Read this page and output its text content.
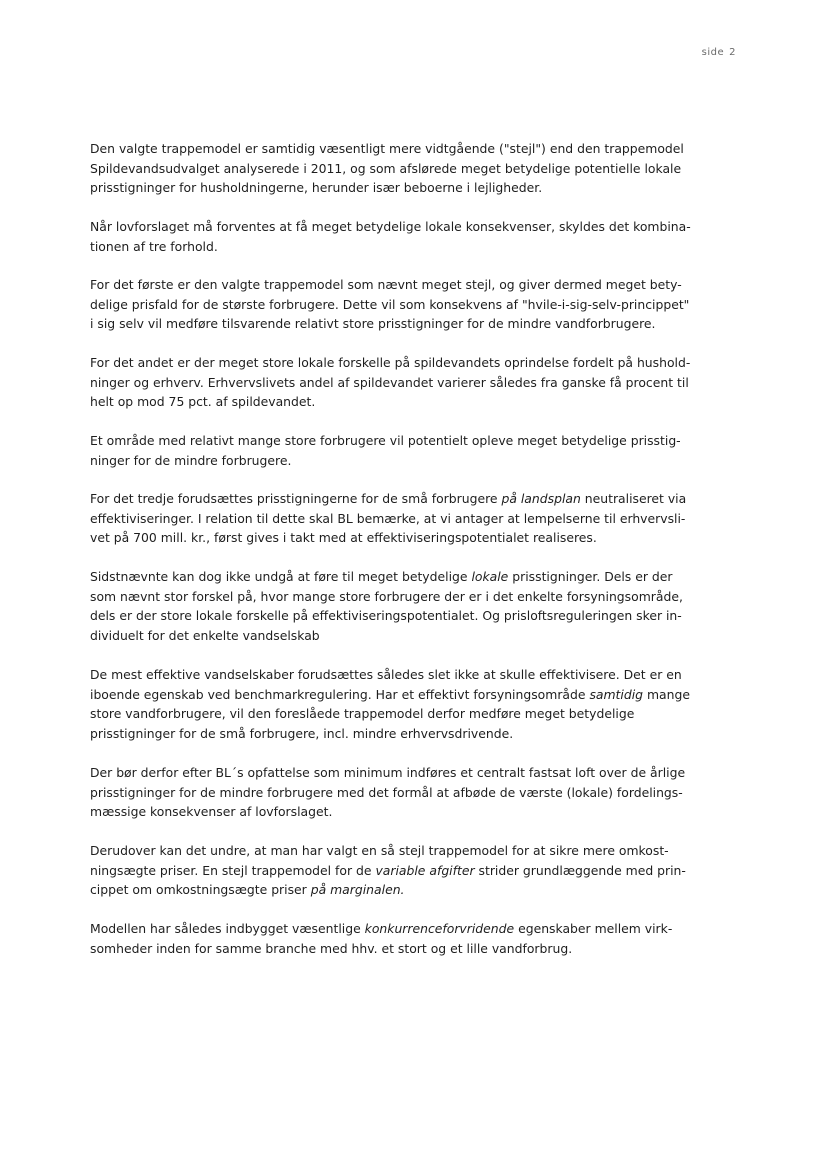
side 2

Den valgte trappemodel er samtidig væsentligt mere vidtgående ("stejl") end den trappemodel
Spildevandsudvalget analyserede i 2011, og som afslørede meget betydelige potentielle lokale
prisstigninger for husholdningerne, herunder især beboerne i lejligheder.

Når lovforslaget må forventes at få meget betydelige lokale konsekvenser, skyldes det kombina-
tionen af tre forhold.

For det første er den valgte trappemodel som nævnt meget stejl, og giver dermed meget bety-
delige prisfald for de største forbrugere. Dette vil som konsekvens af "hvile-i-sig-selv-princippet"
i sig selv vil medføre tilsvarende relativt store prisstigninger for de mindre vandforbrugere.

For det andet er der meget store lokale forskelle på spildevandets oprindelse fordelt på hushold-
ninger og erhverv. Erhvervslivets andel af spildevandet varierer således fra ganske få procent til
helt op mod 75 pct. af spildevandet.

Et område med relativt mange store forbrugere vil potentielt opleve meget betydelige prisstig-
ninger for de mindre forbrugere.

For det tredje forudsættes prisstigningerne for de små forbrugere på landsplan neutraliseret via
effektiviseringer. I relation til dette skal BL bemærke, at vi antager at lempelserne til erhvervsli-
vet på 700 mill. kr., først gives i takt med at effektiviseringspotentialet realiseres.

Sidstnævnte kan dog ikke undgå at føre til meget betydelige lokale prisstigninger. Dels er der
som nævnt stor forskel på, hvor mange store forbrugere der er i det enkelte forsyningsområde,
dels er der store lokale forskelle på effektiviseringspotentialet. Og prisloftsreguleringen sker in-
dividuelt for det enkelte vandselskab

De mest effektive vandselskaber forudsættes således slet ikke at skulle effektivisere. Det er en
iboende egenskab ved benchmarkregulering. Har et effektivt forsyningsområde samtidig mange
store vandforbrugere, vil den foreslåede trappemodel derfor medføre meget betydelige
prisstigninger for de små forbrugere, incl. mindre erhvervsdrivende.

Der bør derfor efter BL´s opfattelse som minimum indføres et centralt fastsat loft over de årlige
prisstigninger for de mindre forbrugere med det formål at afbøde de værste (lokale) fordelings-
mæssige konsekvenser af lovforslaget.

Derudover kan det undre, at man har valgt en så stejl trappemodel for at sikre mere omkost-
ningsægte priser. En stejl trappemodel for de variable afgifter strider grundlæggende med prin-
cippet om omkostningsægte priser på marginalen.

Modellen har således indbygget væsentlige konkurrenceforvridende egenskaber mellem virk-
somheder inden for samme branche med hhv. et stort og et lille vandforbrug.
